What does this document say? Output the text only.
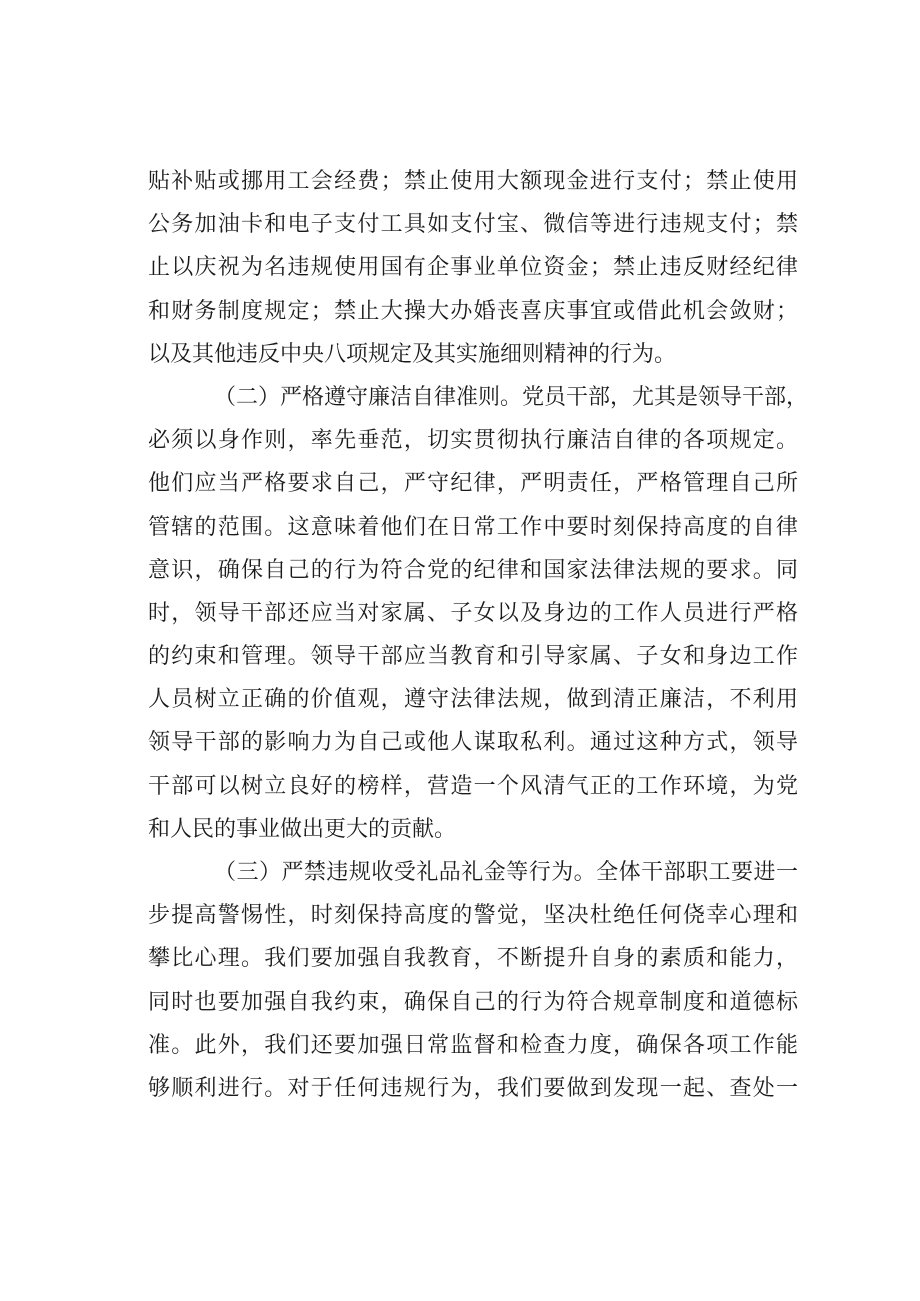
贴补贴或挪用工会经费；禁止使用大额现金进行支付；禁止使用
公务加油卡和电子支付工具如支付宝、微信等进行违规支付；禁
止以庆祝为名违规使用国有企事业单位资金；禁止违反财经纪律
和财务制度规定；禁止大操大办婚丧喜庆事宜或借此机会敛财；
以及其他违反中央八项规定及其实施细则精神的行为。
（二）严格遵守廉洁自律准则。党员干部，尤其是领导干部，
必须以身作则，率先垂范，切实贯彻执行廉洁自律的各项规定。
他们应当严格要求自己，严守纪律，严明责任，严格管理自己所
管辖的范围。这意味着他们在日常工作中要时刻保持高度的自律
意识，确保自己的行为符合党的纪律和国家法律法规的要求。同
时，领导干部还应当对家属、子女以及身边的工作人员进行严格
的约束和管理。领导干部应当教育和引导家属、子女和身边工作
人员树立正确的价值观，遵守法律法规，做到清正廉洁，不利用
领导干部的影响力为自己或他人谋取私利。通过这种方式，领导
干部可以树立良好的榜样，营造一个风清气正的工作环境，为党
和人民的事业做出更大的贡献。
（三）严禁违规收受礼品礼金等行为。全体干部职工要进一
步提高警惕性，时刻保持高度的警觉，坚决杜绝任何侥幸心理和
攀比心理。我们要加强自我教育，不断提升自身的素质和能力，
同时也要加强自我约束，确保自己的行为符合规章制度和道德标
准。此外，我们还要加强日常监督和检查力度，确保各项工作能
够顺利进行。对于任何违规行为，我们要做到发现一起、查处一
